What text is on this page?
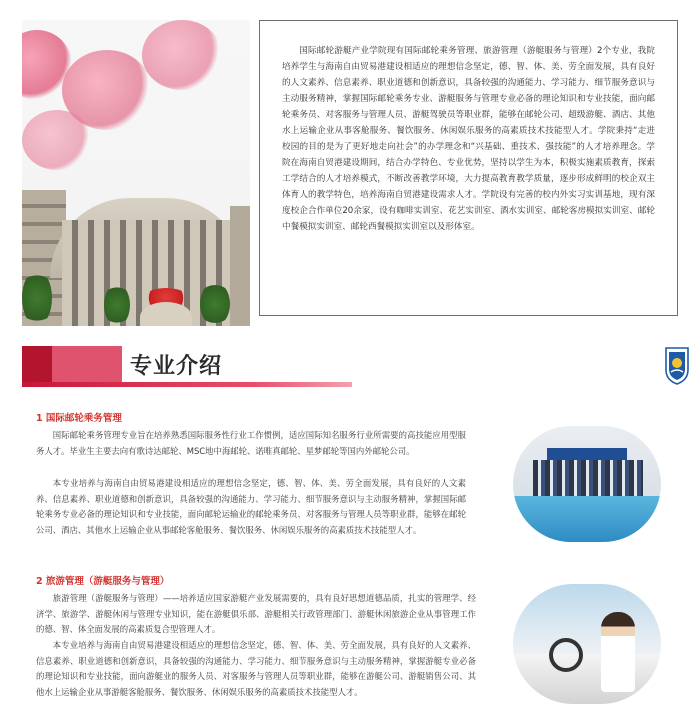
国际邮轮游艇产业学院现有国际邮轮乘务管理、旅游管理（游艇服务与管理）2个专业，我院培养学生与海南自由贸易港建设相适应的理想信念坚定，德、智、体、美、劳全面发展，具有良好的人文素养、信息素养、职业道德和创新意识，具备较强的沟通能力、学习能力、细节服务意识与主动服务精神，掌握国际邮轮乘务专业、游艇服务与管理专业必备的理论知识和专业技能，面向邮轮乘务员、对客服务与管理人员、游艇驾驶员等职业群，能够在邮轮公司、超级游艇、酒店、其他水上运输企业从事客舱服务、餐饮服务、休闲娱乐服务的高素质技术技能型人才。学院秉持“走进校园的目的是为了更好地走向社会”的办学理念和“兴基础、重技术、强技能”的人才培养理念。学院在海南自贸港建设期间，结合办学特色、专业优势，坚持以学生为本，积极实施素质教育，探索工学结合的人才培养模式，不断改善教学环境，大力提高教育教学质量，逐步形成鲜明的校企双主体育人的教学特色，培养海南自贸港建设需求人才。学院设有完善的校内外实习实训基地，现有深度校企合作单位20余家，设有咖啡实训室、花艺实训室、酒水实训室、邮轮客房模拟实训室、邮轮中餐模拟实训室、邮轮西餐模拟实训室以及形体室。

专业介绍

1 国际邮轮乘务管理

国际邮轮乘务管理专业旨在培养熟悉国际服务性行业工作惯例，适应国际知名服务行业所需要的高技能应用型服务人才。毕业生主要去向有歌诗达邮轮、MSC地中海邮轮、诺唯真邮轮、星梦邮轮等国内外邮轮公司。

本专业培养与海南自由贸易港建设相适应的理想信念坚定，德、智、体、美、劳全面发展，具有良好的人文素养、信息素养、职业道德和创新意识，具备较强的沟通能力、学习能力、细节服务意识与主动服务精神，掌握国际邮轮乘务专业必备的理论知识和专业技能，面向邮轮运输业的邮轮乘务员、对客服务与管理人员等职业群，能够在邮轮公司、酒店、其他水上运输企业从事邮轮客舱服务、餐饮服务、休闲娱乐服务的高素质技术技能型人才。

2 旅游管理（游艇服务与管理）

旅游管理（游艇服务与管理）——培养适应国家游艇产业发展需要的，具有良好思想道德品质，扎实的管理学、经济学、旅游学、游艇休闲与管理专业知识，能在游艇俱乐部、游艇相关行政管理部门、游艇休闲旅游企业从事管理工作的德、智、体全面发展的高素质复合型管理人才。

本专业培养与海南自由贸易港建设相适应的理想信念坚定，德、智、体、美、劳全面发展，具有良好的人文素养、信息素养、职业道德和创新意识，具备较强的沟通能力、学习能力、细节服务意识与主动服务精神，掌握游艇专业必备的理论知识和专业技能，面向游艇业的服务人员、对客服务与管理人员等职业群，能够在游艇公司、游艇销售公司、其他水上运输企业从事游艇客舱服务、餐饮服务、休闲娱乐服务的高素质技术技能型人才。
